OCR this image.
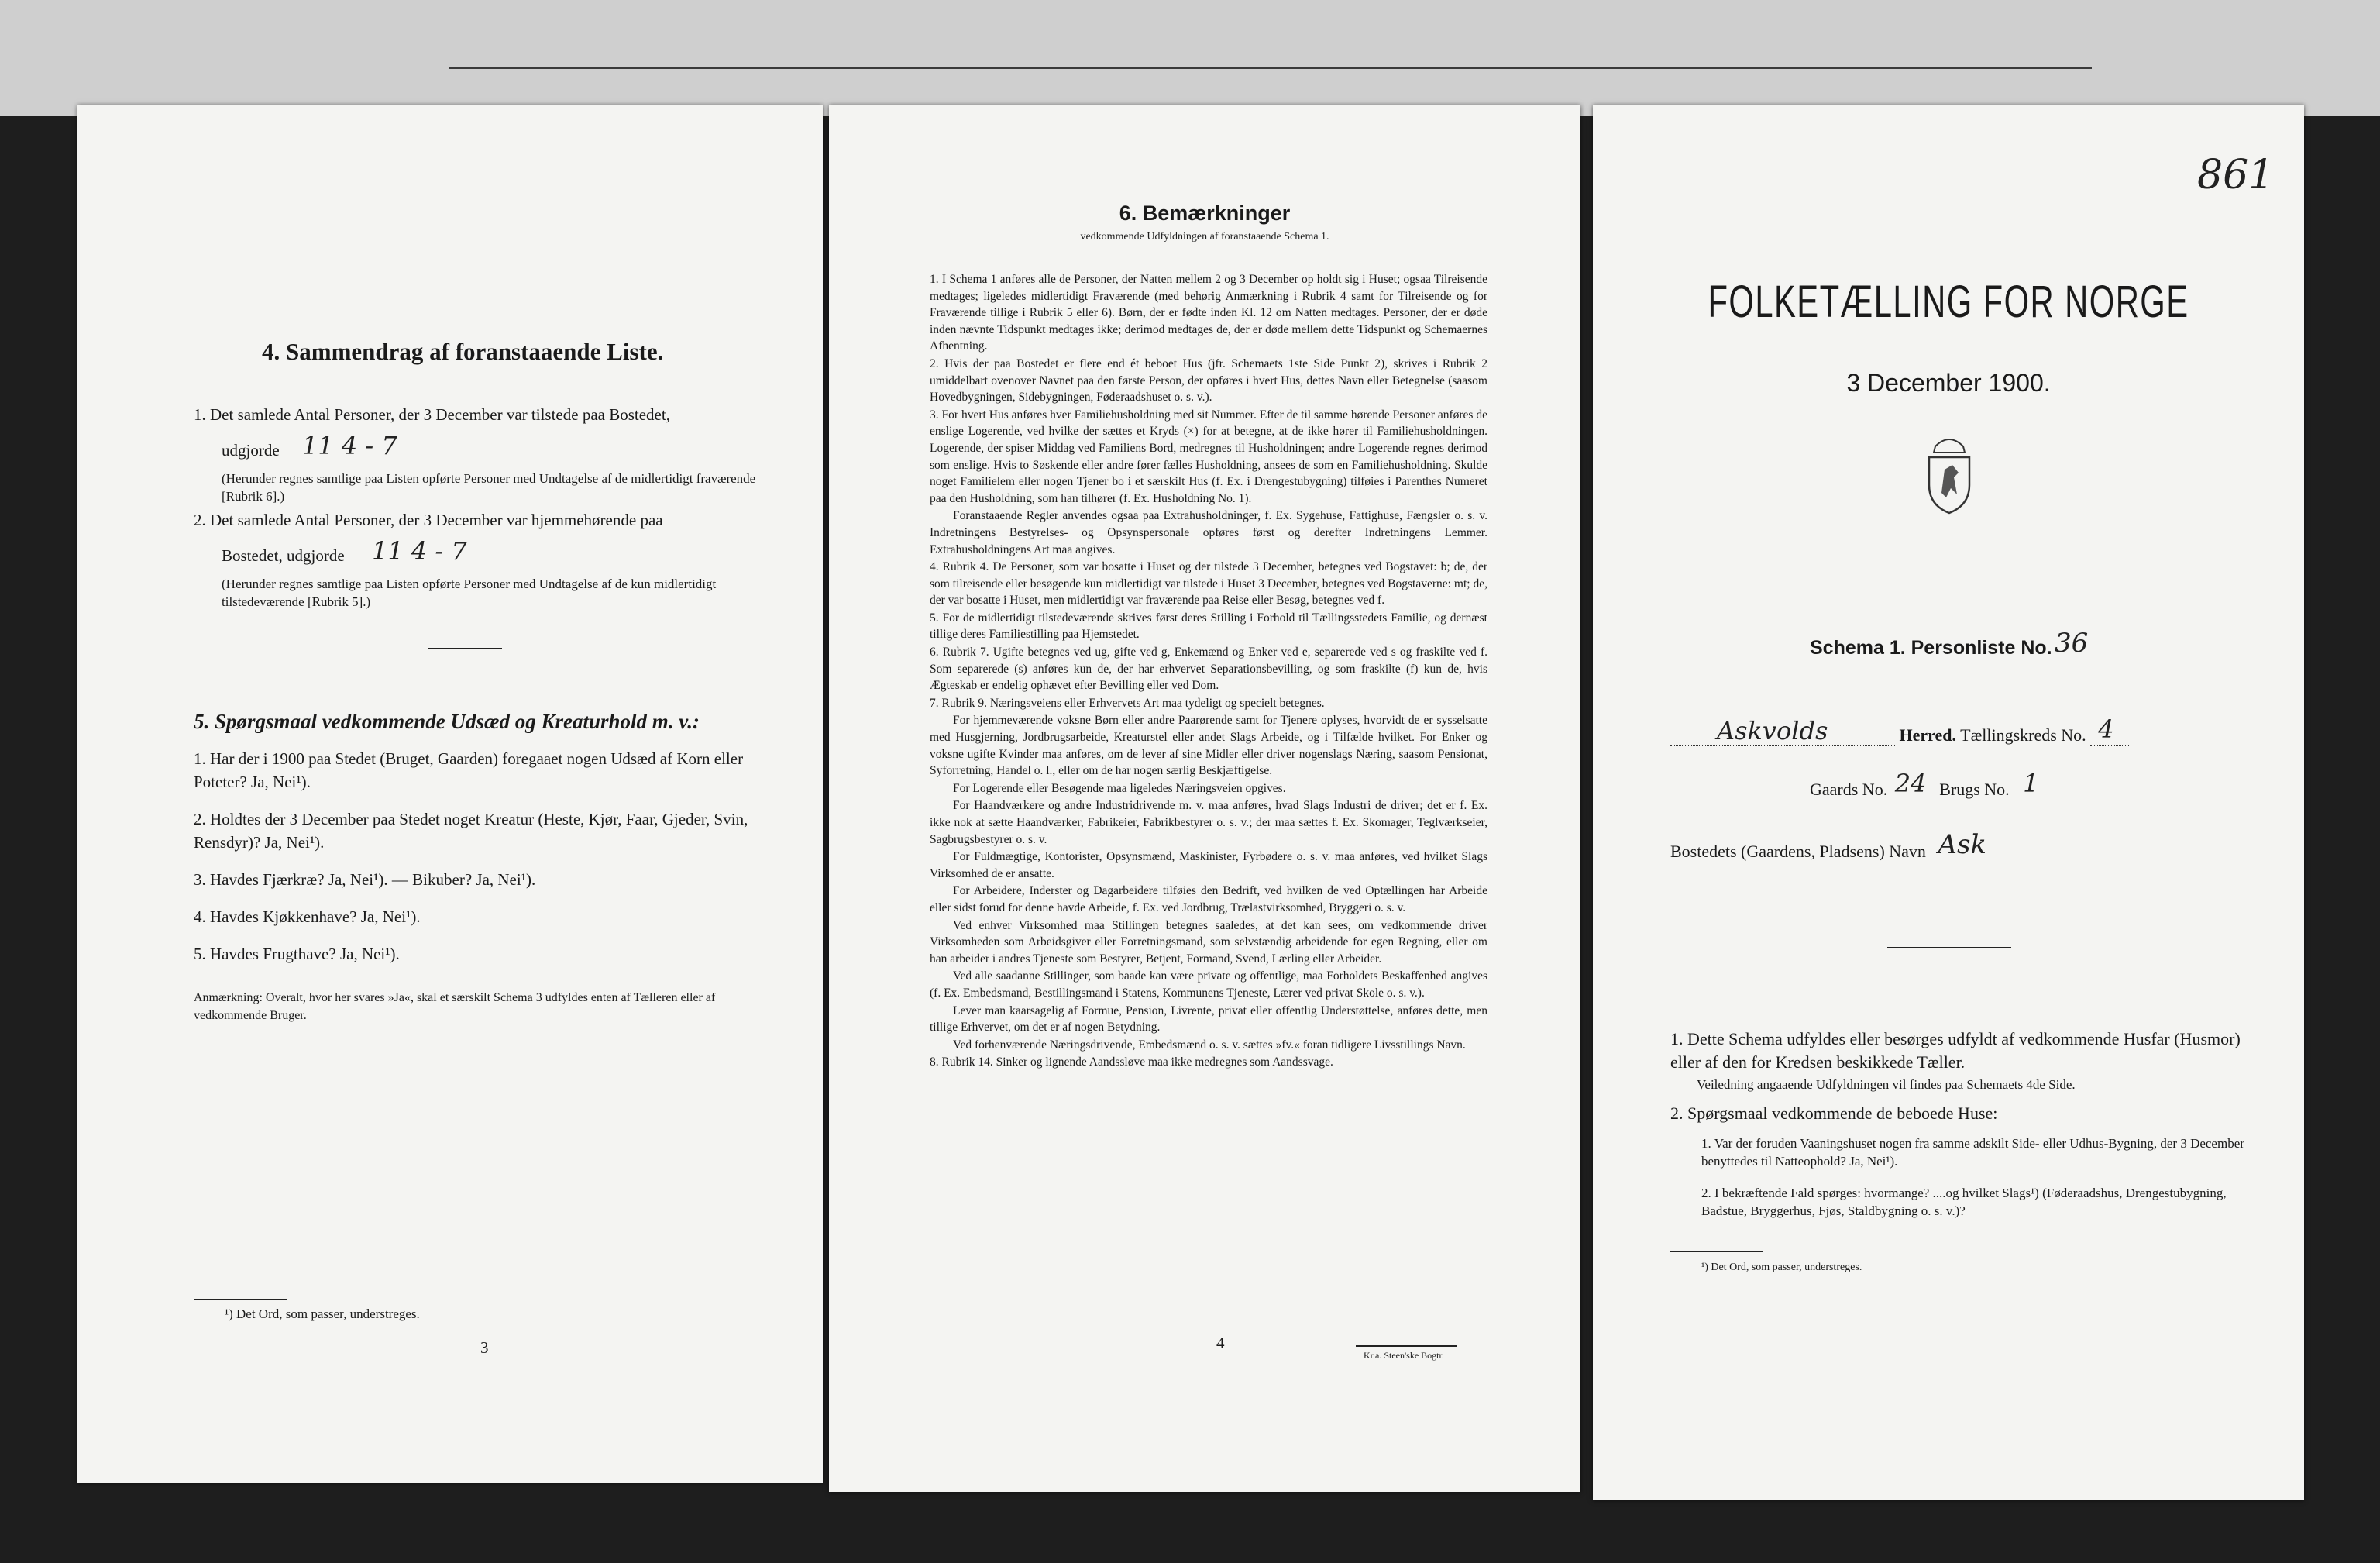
4. Sammendrag af foranstaaende Liste.
1. Det samlede Antal Personer, der 3 December var tilstede paa Bostedet,
udgjorde 11 4 - 7
(Herunder regnes samtlige paa Listen opførte Personer med Undtagelse af de midlertidigt fraværende [Rubrik 6].)
2. Det samlede Antal Personer, der 3 December var hjemmehørende paa
Bostedet, udgjorde 11 4 - 7
(Herunder regnes samtlige paa Listen opførte Personer med Undtagelse af de kun midlertidigt tilstedeværende [Rubrik 5].)
5. Spørgsmaal vedkommende Udsæd og Kreaturhold m. v.:
1. Har der i 1900 paa Stedet (Bruget, Gaarden) foregaaet nogen Udsæd af Korn eller Poteter? Ja, Nei¹).
2. Holdtes der 3 December paa Stedet noget Kreatur (Heste, Kjør, Faar, Gjeder, Svin, Rensdyr)? Ja, Nei¹).
3. Havdes Fjærkræ? Ja, Nei¹). — Bikuber? Ja, Nei¹).
4. Havdes Kjøkkenhave? Ja, Nei¹).
5. Havdes Frugthave? Ja, Nei¹).
Anmærkning: Overalt, hvor her svares »Ja«, skal et særskilt Schema 3 udfyldes enten af Tælleren eller af vedkommende Bruger.
¹) Det Ord, som passer, understreges.
3
6. Bemærkninger
vedkommende Udfyldningen af foranstaaende Schema 1.

1. I Schema 1 anføres alle de Personer, der Natten mellem 2 og 3 December op holdt sig i Huset; ogsaa Tilreisende medtages; ligeledes midlertidigt Fraværende (med behørig Anmærkning i Rubrik 4 samt for Tilreisende og for Fraværende tillige i Rubrik 5 eller 6). Børn, der er fødte inden Kl. 12 om Natten medtages. Personer, der er døde inden nævnte Tidspunkt medtages ikke; derimod medtages de, der er døde mellem dette Tidspunkt og Schemaernes Afhentning.

2. Hvis der paa Bostedet er flere end ét beboet Hus (jfr. Schemaets 1ste Side Punkt 2), skrives i Rubrik 2 umiddelbart ovenover Navnet paa den første Person, der opføres i hvert Hus, dettes Navn eller Betegnelse (saasom Hovedbygningen, Sidebygningen, Føderaadshuset o. s. v.).

3. For hvert Hus anføres hver Familiehusholdning med sit Nummer. Efter de til samme hørende Personer anføres de enslige Logerende, ved hvilke der sættes et Kryds (×) for at betegne, at de ikke hører til Familiehusholdningen. Logerende, der spiser Middag ved Familiens Bord, medregnes til Husholdningen; andre Logerende regnes derimod som enslige. Hvis to Søskende eller andre fører fælles Husholdning, ansees de som en Familiehusholdning. Skulde noget Familielem eller nogen Tjener bo i et særskilt Hus (f. Ex. i Drengestubygning) tilføies i Parenthes Numeret paa den Husholdning, som han tilhører (f. Ex. Husholdning No. 1).

Foranstaaende Regler anvendes ogsaa paa Extrahusholdninger, f. Ex. Sygehuse, Fattighuse, Fængsler o. s. v. Indretningens Bestyrelses- og Opsynspersonale opføres først og derefter Indretningens Lemmer. Extrahusholdningens Art maa angives.

4. Rubrik 4. De Personer, som var bosatte i Huset og der tilstede 3 December, betegnes ved Bogstavet: b; de, der som tilreisende eller besøgende kun midlertidigt var tilstede i Huset 3 December, betegnes ved Bogstaverne: mt; de, der var bosatte i Huset, men midlertidigt var fraværende paa Reise eller Besøg, betegnes ved f.

5. For de midlertidigt tilstedeværende skrives først deres Stilling i Forhold til Tællingsstedets Familie, og dernæst tillige deres Familiestilling paa Hjemstedet.

6. Rubrik 7. Ugifte betegnes ved ug, gifte ved g, Enkemænd og Enker ved e, separerede ved s og fraskilte ved f. Som separerede (s) anføres kun de, der har erhvervet Separationsbevilling, og som fraskilte (f) kun de, hvis Ægteskab er endelig ophævet efter Bevilling eller ved Dom.

7. Rubrik 9. Næringsveiens eller Erhvervets Art maa tydeligt og specielt betegnes.

For hjemmeværende voksne Børn eller andre Paarørende samt for Tjenere oplyses, hvorvidt de er sysselsatte med Husgjerning, Jordbrugsarbeide, Kreaturstel eller andet Slags Arbeide, og i Tilfælde hvilket. For Enker og voksne ugifte Kvinder maa anføres, om de lever af sine Midler eller driver nogenslags Næring, saasom Pensionat, Syforretning, Handel o. l., eller om de har nogen særlig Beskjæftigelse.

For Logerende eller Besøgende maa ligeledes Næringsveien opgives.

For Haandværkere og andre Industridrivende m. v. maa anføres, hvad Slags Industri de driver; det er f. Ex. ikke nok at sætte Haandværker, Fabrikeier, Fabrikbestyrer o. s. v.; der maa sættes f. Ex. Skomager, Teglværkseier, Sagbrugsbestyrer o. s. v.

For Fuldmægtige, Kontorister, Opsynsmænd, Maskinister, Fyrbødere o. s. v. maa anføres, ved hvilket Slags Virksomhed de er ansatte.

For Arbeidere, Inderster og Dagarbeidere tilføies den Bedrift, ved hvilken de ved Optællingen har Arbeide eller sidst forud for denne havde Arbeide, f. Ex. ved Jordbrug, Trælastvirksomhed, Bryggeri o. s. v.

Ved enhver Virksomhed maa Stillingen betegnes saaledes, at det kan sees, om vedkommende driver Virksomheden som Arbeidsgiver eller Forretningsmand, som selvstændig arbeidende for egen Regning, eller om han arbeider i andres Tjeneste som Bestyrer, Betjent, Formand, Svend, Lærling eller Arbeider.

Ved alle saadanne Stillinger, som baade kan være private og offentlige, maa Forholdets Beskaffenhed angives (f. Ex. Embedsmand, Bestillingsmand i Statens, Kommunens Tjeneste, Lærer ved privat Skole o. s. v.).

Lever man kaarsagelig af Formue, Pension, Livrente, privat eller offentlig Understøttelse, anføres dette, men tillige Erhvervet, om det er af nogen Betydning.

Ved forhenværende Næringsdrivende, Embedsmænd o. s. v. sættes »fv.« foran tidligere Livsstillings Navn.

8. Rubrik 14. Sinker og lignende Aandssløve maa ikke medregnes som Aandssvage.

4
Kr.a. Steen'ske Bogtr.
861
FOLKETÆLLING FOR NORGE
3 December 1900.
Schema 1. Personliste No. 36
Askvolds	Herred. Tællingskreds No. 4

Gaards No. 24 Brugs No. 1

Bostedets (Gaardens, Pladsens) Navn Ask

1. Dette Schema udfyldes eller besørges udfyldt af vedkommende Husfar (Husmor) eller af den for Kredsen beskikkede Tæller.
Veiledning angaaende Udfyldningen vil findes paa Schemaets 4de Side.
2. Spørgsmaal vedkommende de beboede Huse:
1. Var der foruden Vaaningshuset nogen fra samme adskilt Side- eller Udhus-Bygning, der 3 December benyttedes til Natteophold? Ja, Nei¹).
2. I bekræftende Fald spørges: hvormange? ....og hvilket Slags¹) (Føderaadshus, Drengestubygning, Badstue, Bryggerhus, Fjøs, Staldbygning o. s. v.)?
¹) Det Ord, som passer, understreges.
